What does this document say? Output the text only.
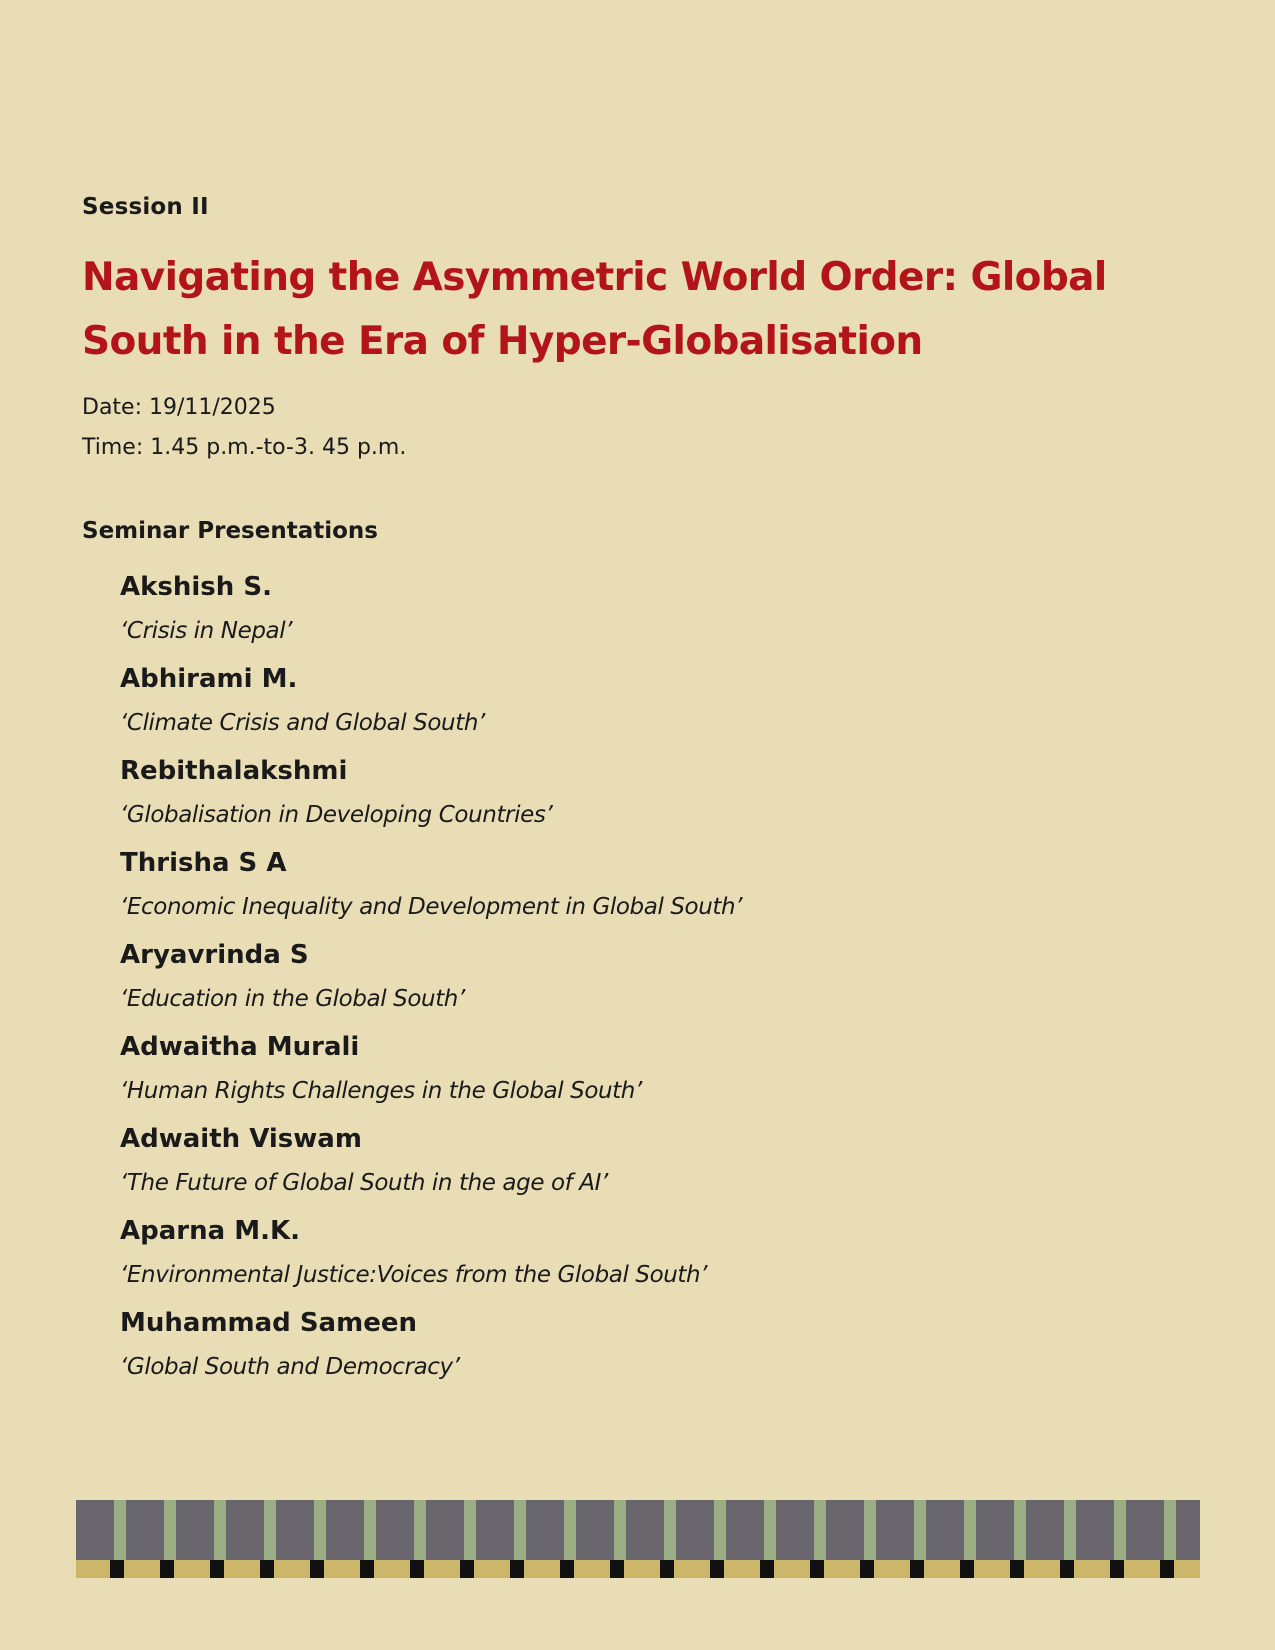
Session II
Navigating the Asymmetric World Order: Global
South in the Era of Hyper-Globalisation
Date: 19/11/2025
Time: 1.45 p.m.-to-3. 45 p.m.
Seminar Presentations
Akshish S.
‘Crisis in Nepal’
Abhirami M.
‘Climate Crisis and Global South’
Rebithalakshmi
‘Globalisation in Developing Countries’
Thrisha S A
‘Economic Inequality and Development in Global South’
Aryavrinda S
‘Education in the Global South’
Adwaitha Murali
‘Human Rights Challenges in the Global South’
Adwaith Viswam
‘The Future of Global South in the age of AI’
Aparna M.K.
‘Environmental Justice:Voices from the Global South’
Muhammad Sameen
‘Global South and Democracy’
